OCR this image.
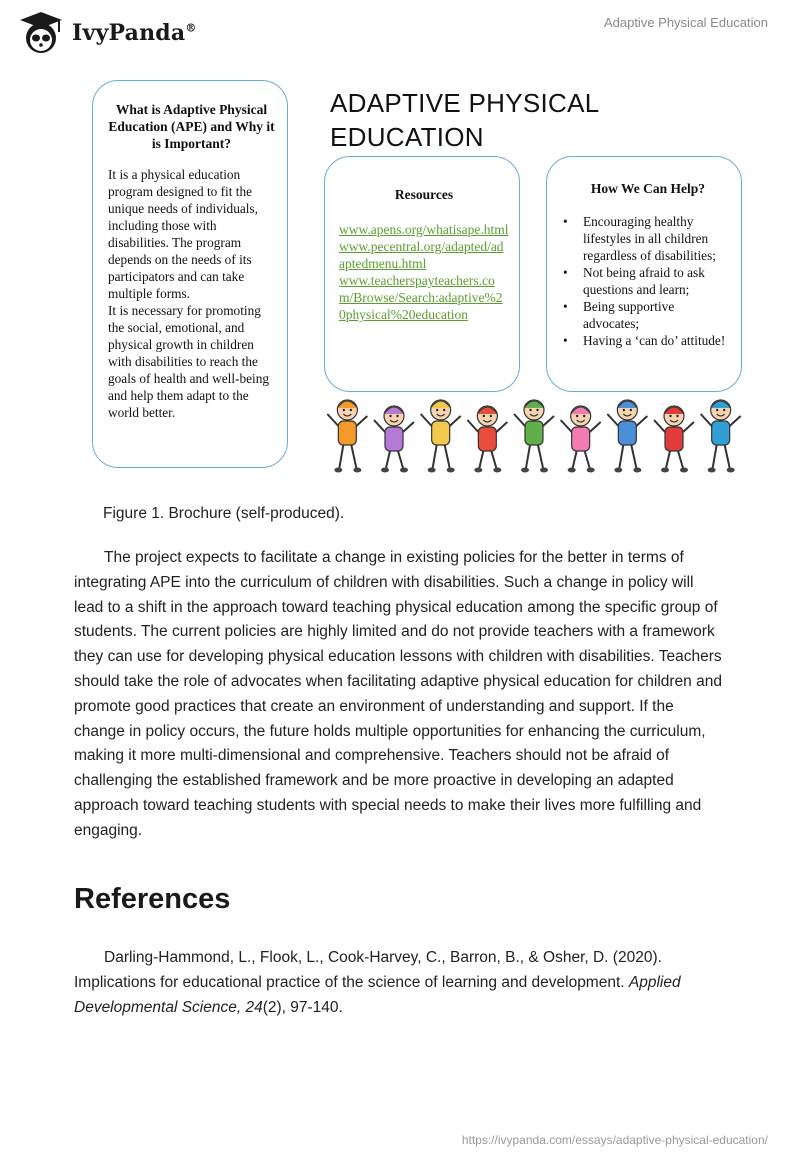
IvyPanda®	Adaptive Physical Education
What is Adaptive Physical Education (APE) and Why it is Important?

It is a physical education program designed to fit the unique needs of individuals, including those with disabilities. The program depends on the needs of its participators and can take multiple forms.

It is necessary for promoting the social, emotional, and physical growth in children with disabilities to reach the goals of health and well-being and help them adapt to the world better.

ADAPTIVE PHYSICAL EDUCATION
Resources
www.apens.org/whatisape.html
www.pecentral.org/adapted/adaptedmenu.html
www.teacherspayteachers.com/Browse/Search:adaptive%20physical%20education
How We Can Help?
• Encouraging healthy lifestyles in all children regardless of disabilities;
• Not being afraid to ask questions and learn;
• Being supportive advocates;
• Having a ‘can do’ attitude!
Figure 1. Brochure (self-produced).

The project expects to facilitate a change in existing policies for the better in terms of integrating APE into the curriculum of children with disabilities. Such a change in policy will lead to a shift in the approach toward teaching physical education among the specific group of students. The current policies are highly limited and do not provide teachers with a framework they can use for developing physical education lessons with children with disabilities. Teachers should take the role of advocates when facilitating adaptive physical education for children and promote good practices that create an environment of understanding and support. If the change in policy occurs, the future holds multiple opportunities for enhancing the curriculum, making it more multi-dimensional and comprehensive. Teachers should not be afraid of challenging the established framework and be more proactive in developing an adapted approach toward teaching students with special needs to make their lives more fulfilling and engaging.

References

Darling-Hammond, L., Flook, L., Cook-Harvey, C., Barron, B., & Osher, D. (2020). Implications for educational practice of the science of learning and development. Applied Developmental Science, 24(2), 97-140.

https://ivypanda.com/essays/adaptive-physical-education/
